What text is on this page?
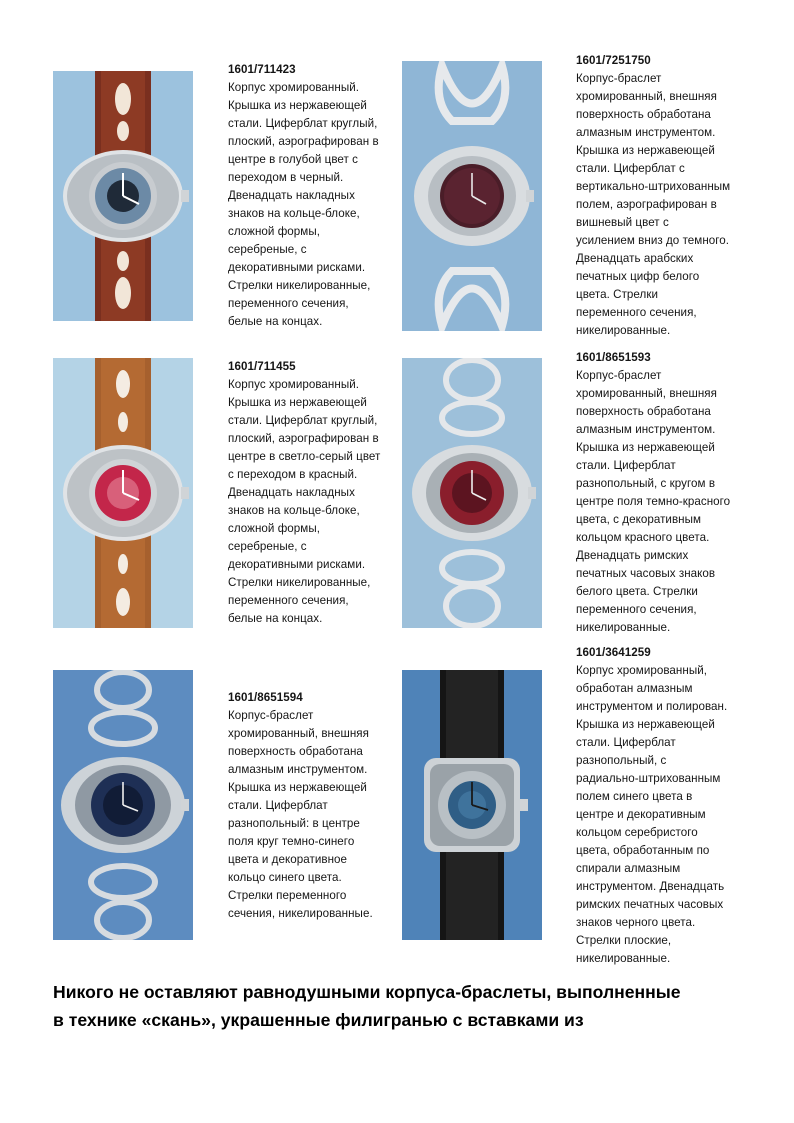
1601/711423
Корпус хромированный.
Крышка из нержавеющей
стали. Циферблат круглый,
плоский, аэрографирован в
центре в голубой цвет с
переходом в черный.
Двенадцать накладных
знаков на кольце-блоке,
сложной формы,
серебреные, с
декоративными рисками.
Стрелки никелированные,
переменного сечения,
белые на концах.
1601/7251750
Корпус-браслет
хромированный, внешняя
поверхность обработана
алмазным инструментом.
Крышка из нержавеющей
стали. Циферблат с
вертикально-штрихованным
полем, аэрографирован в
вишневый цвет с
усилением вниз до темного.
Двенадцать арабских
печатных цифр белого
цвета. Стрелки
переменного сечения,
никелированные.
1601/711455
Корпус хромированный.
Крышка из нержавеющей
стали. Циферблат круглый,
плоский, аэрографирован в
центре в светло-серый цвет
с переходом в красный.
Двенадцать накладных
знаков на кольце-блоке,
сложной формы,
серебреные, с
декоративными рисками.
Стрелки никелированные,
переменного сечения,
белые на концах.
1601/8651593
Корпус-браслет
хромированный, внешняя
поверхность обработана
алмазным инструментом.
Крышка из нержавеющей
стали. Циферблат
разнопольный, с кругом в
центре поля темно-красного
цвета, с декоративным
кольцом красного цвета.
Двенадцать римских
печатных часовых знаков
белого цвета. Стрелки
переменного сечения,
никелированные.
1601/8651594
Корпус-браслет
хромированный, внешняя
поверхность обработана
алмазным инструментом.
Крышка из нержавеющей
стали. Циферблат
разнопольный: в центре
поля круг темно-синего
цвета и декоративное
кольцо синего цвета.
Стрелки переменного
сечения, никелированные.
1601/3641259
Корпус хромированный,
обработан алмазным
инструментом и полирован.
Крышка из нержавеющей
стали. Циферблат
разнопольный, с
радиально-штрихованным
полем синего цвета в
центре и декоративным
кольцом серебристого
цвета, обработанным по
спирали алмазным
инструментом. Двенадцать
римских печатных часовых
знаков черного цвета.
Стрелки плоские,
никелированные.
Никого не оставляют равнодушными корпуса-браслеты, выполненные
в технике «скань», украшенные филигранью с вставками из
